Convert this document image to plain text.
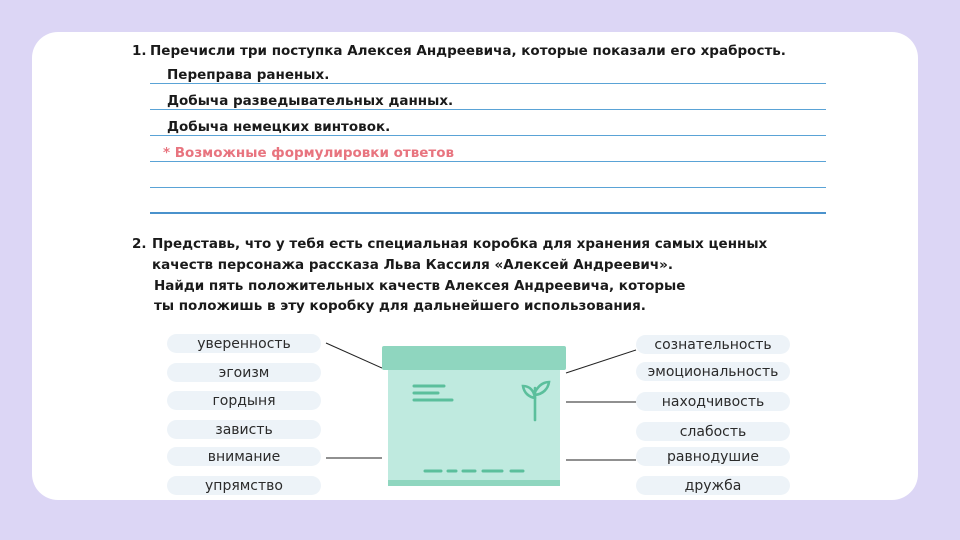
1. Перечисли три поступка Алексея Андреевича, которые показали его храбрость.
Переправа раненых.
Добыча разведывательных данных.
Добыча немецких винтовок.
* Возможные формулировки ответов
2. Представь, что у тебя есть специальная коробка для хранения самых ценных
качеств персонажа рассказа Льва Кассиля «Алексей Андреевич».
Найди пять положительных качеств Алексея Андреевича, которые
ты положишь в эту коробку для дальнейшего использования.
уверенность
эгоизм
гордыня
зависть
внимание
упрямство
сознательность
эмоциональность
находчивость
слабость
равнодушие
дружба
